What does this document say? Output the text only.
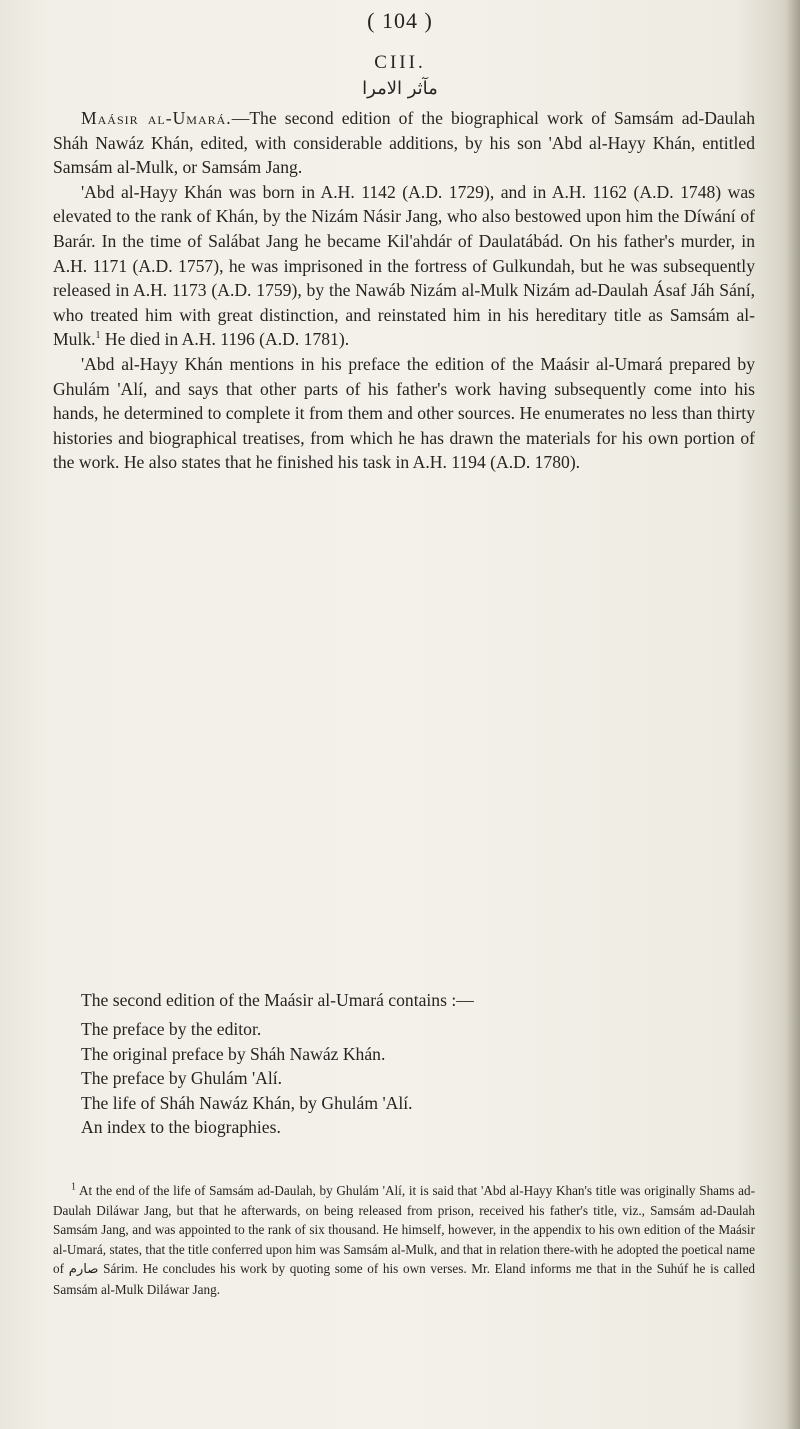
( 104 )
CIII.
مآثر الامرا

Maásir al-Umará.—The second edition of the biographical work of Samsám ad-Daulah Sháh Nawáz Khán, edited, with considerable additions, by his son 'Abd al-Hayy Khán, entitled Samsám al-Mulk, or Samsám Jang.

'Abd al-Hayy Khán was born in A.H. 1142 (A.D. 1729), and in A.H. 1162 (A.D. 1748) was elevated to the rank of Khán, by the Nizám Násir Jang, who also bestowed upon him the Díwání of Barár. In the time of Salábat Jang he became Kil'ahdár of Daulatábád. On his father's murder, in A.H. 1171 (A.D. 1757), he was imprisoned in the fortress of Gulkundah, but he was subsequently released in A.H. 1173 (A.D. 1759), by the Nawáb Nizám al-Mulk Nizám ad-Daulah Ásaf Jáh Sání, who treated him with great distinction, and reinstated him in his hereditary title as Samsám al-Mulk.$^1$ He died in A.H. 1196 (A.D. 1781).

'Abd al-Hayy Khán mentions in his preface the edition of the Maásir al-Umará prepared by Ghulám 'Alí, and says that other parts of his father's work having subsequently come into his hands, he determined to complete it from them and other sources. He enumerates no less than thirty histories and biographical treatises, from which he has drawn the materials for his own portion of the work. He also states that he finished his task in A.H. 1194 (A.D. 1780).

The second edition of the Maásir al-Umará contains :—

The preface by the editor.
The original preface by Sháh Nawáz Khán.
The preface by Ghulám 'Alí.
The life of Sháh Nawáz Khán, by Ghulám 'Alí.
An index to the biographies.

$^1$ At the end of the life of Samsám ad-Daulah, by Ghulám 'Alí, it is said that 'Abd al-Hayy Khan's title was originally Shams ad-Daulah Diláwar Jang, but that he afterwards, on being released from prison, received his father's title, viz., Samsám ad-Daulah Samsám Jang, and was appointed to the rank of six thousand. He himself, however, in the appendix to his own edition of the Maásir al-Umará, states, that the title conferred upon him was Samsám al-Mulk, and that in relation there-with he adopted the poetical name of صارم Sárim. He concludes his work by quoting some of his own verses. Mr. Eland informs me that in the Suhúf he is called Samsám al-Mulk Diláwar Jang.
